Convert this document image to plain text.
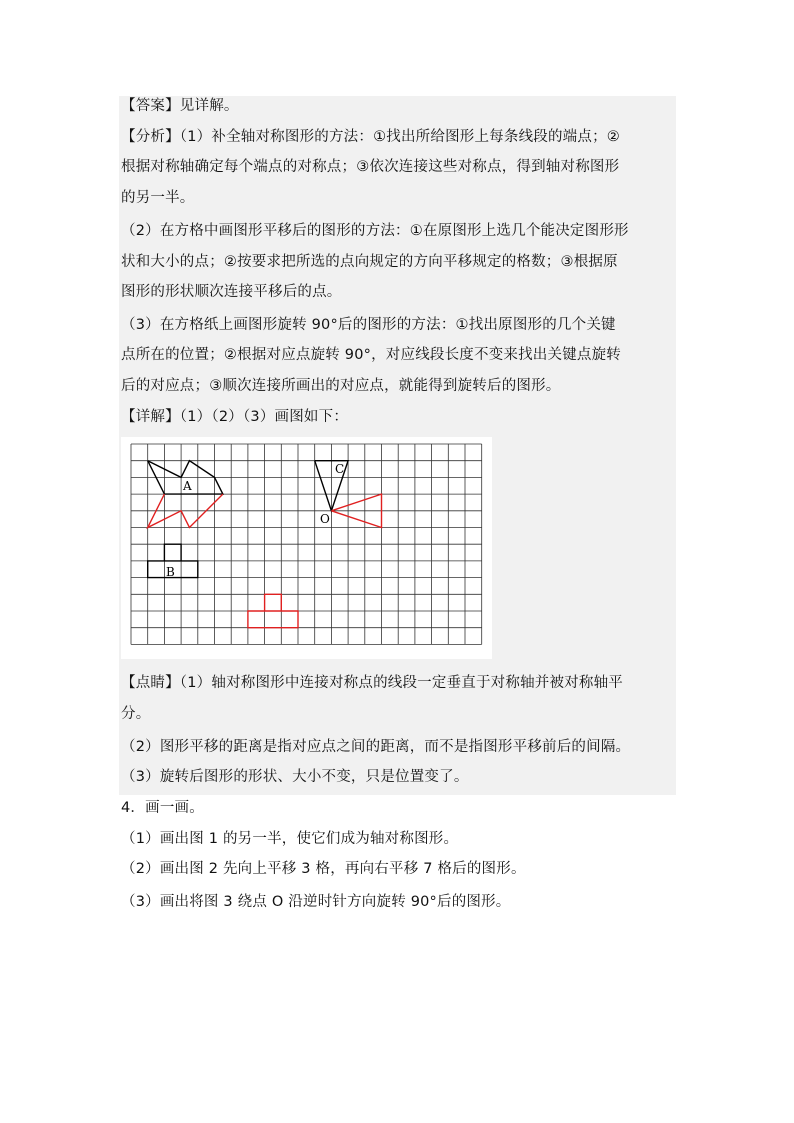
【答案】见详解。
【分析】（1）补全轴对称图形的方法：①找出所给图形上每条线段的端点；②
根据对称轴确定每个端点的对称点；③依次连接这些对称点，得到轴对称图形
的另一半。
（2）在方格中画图形平移后的图形的方法：①在原图形上选几个能决定图形形
状和大小的点；②按要求把所选的点向规定的方向平移规定的格数；③根据原
图形的形状顺次连接平移后的点。
（3）在方格纸上画图形旋转 90°后的图形的方法：①找出原图形的几个关键
点所在的位置；②根据对应点旋转 90°，对应线段长度不变来找出关键点旋转
后的对应点；③顺次连接所画出的对应点，就能得到旋转后的图形。
【详解】（1）（2）（3）画图如下：
A
B
C
O
【点睛】（1）轴对称图形中连接对称点的线段一定垂直于对称轴并被对称轴平
分。
（2）图形平移的距离是指对应点之间的距离，而不是指图形平移前后的间隔。
（3）旋转后图形的形状、大小不变，只是位置变了。
4．画一画。
（1）画出图 1 的另一半，使它们成为轴对称图形。
（2）画出图 2 先向上平移 3 格，再向右平移 7 格后的图形。
（3）画出将图 3 绕点 O 沿逆时针方向旋转 90°后的图形。
